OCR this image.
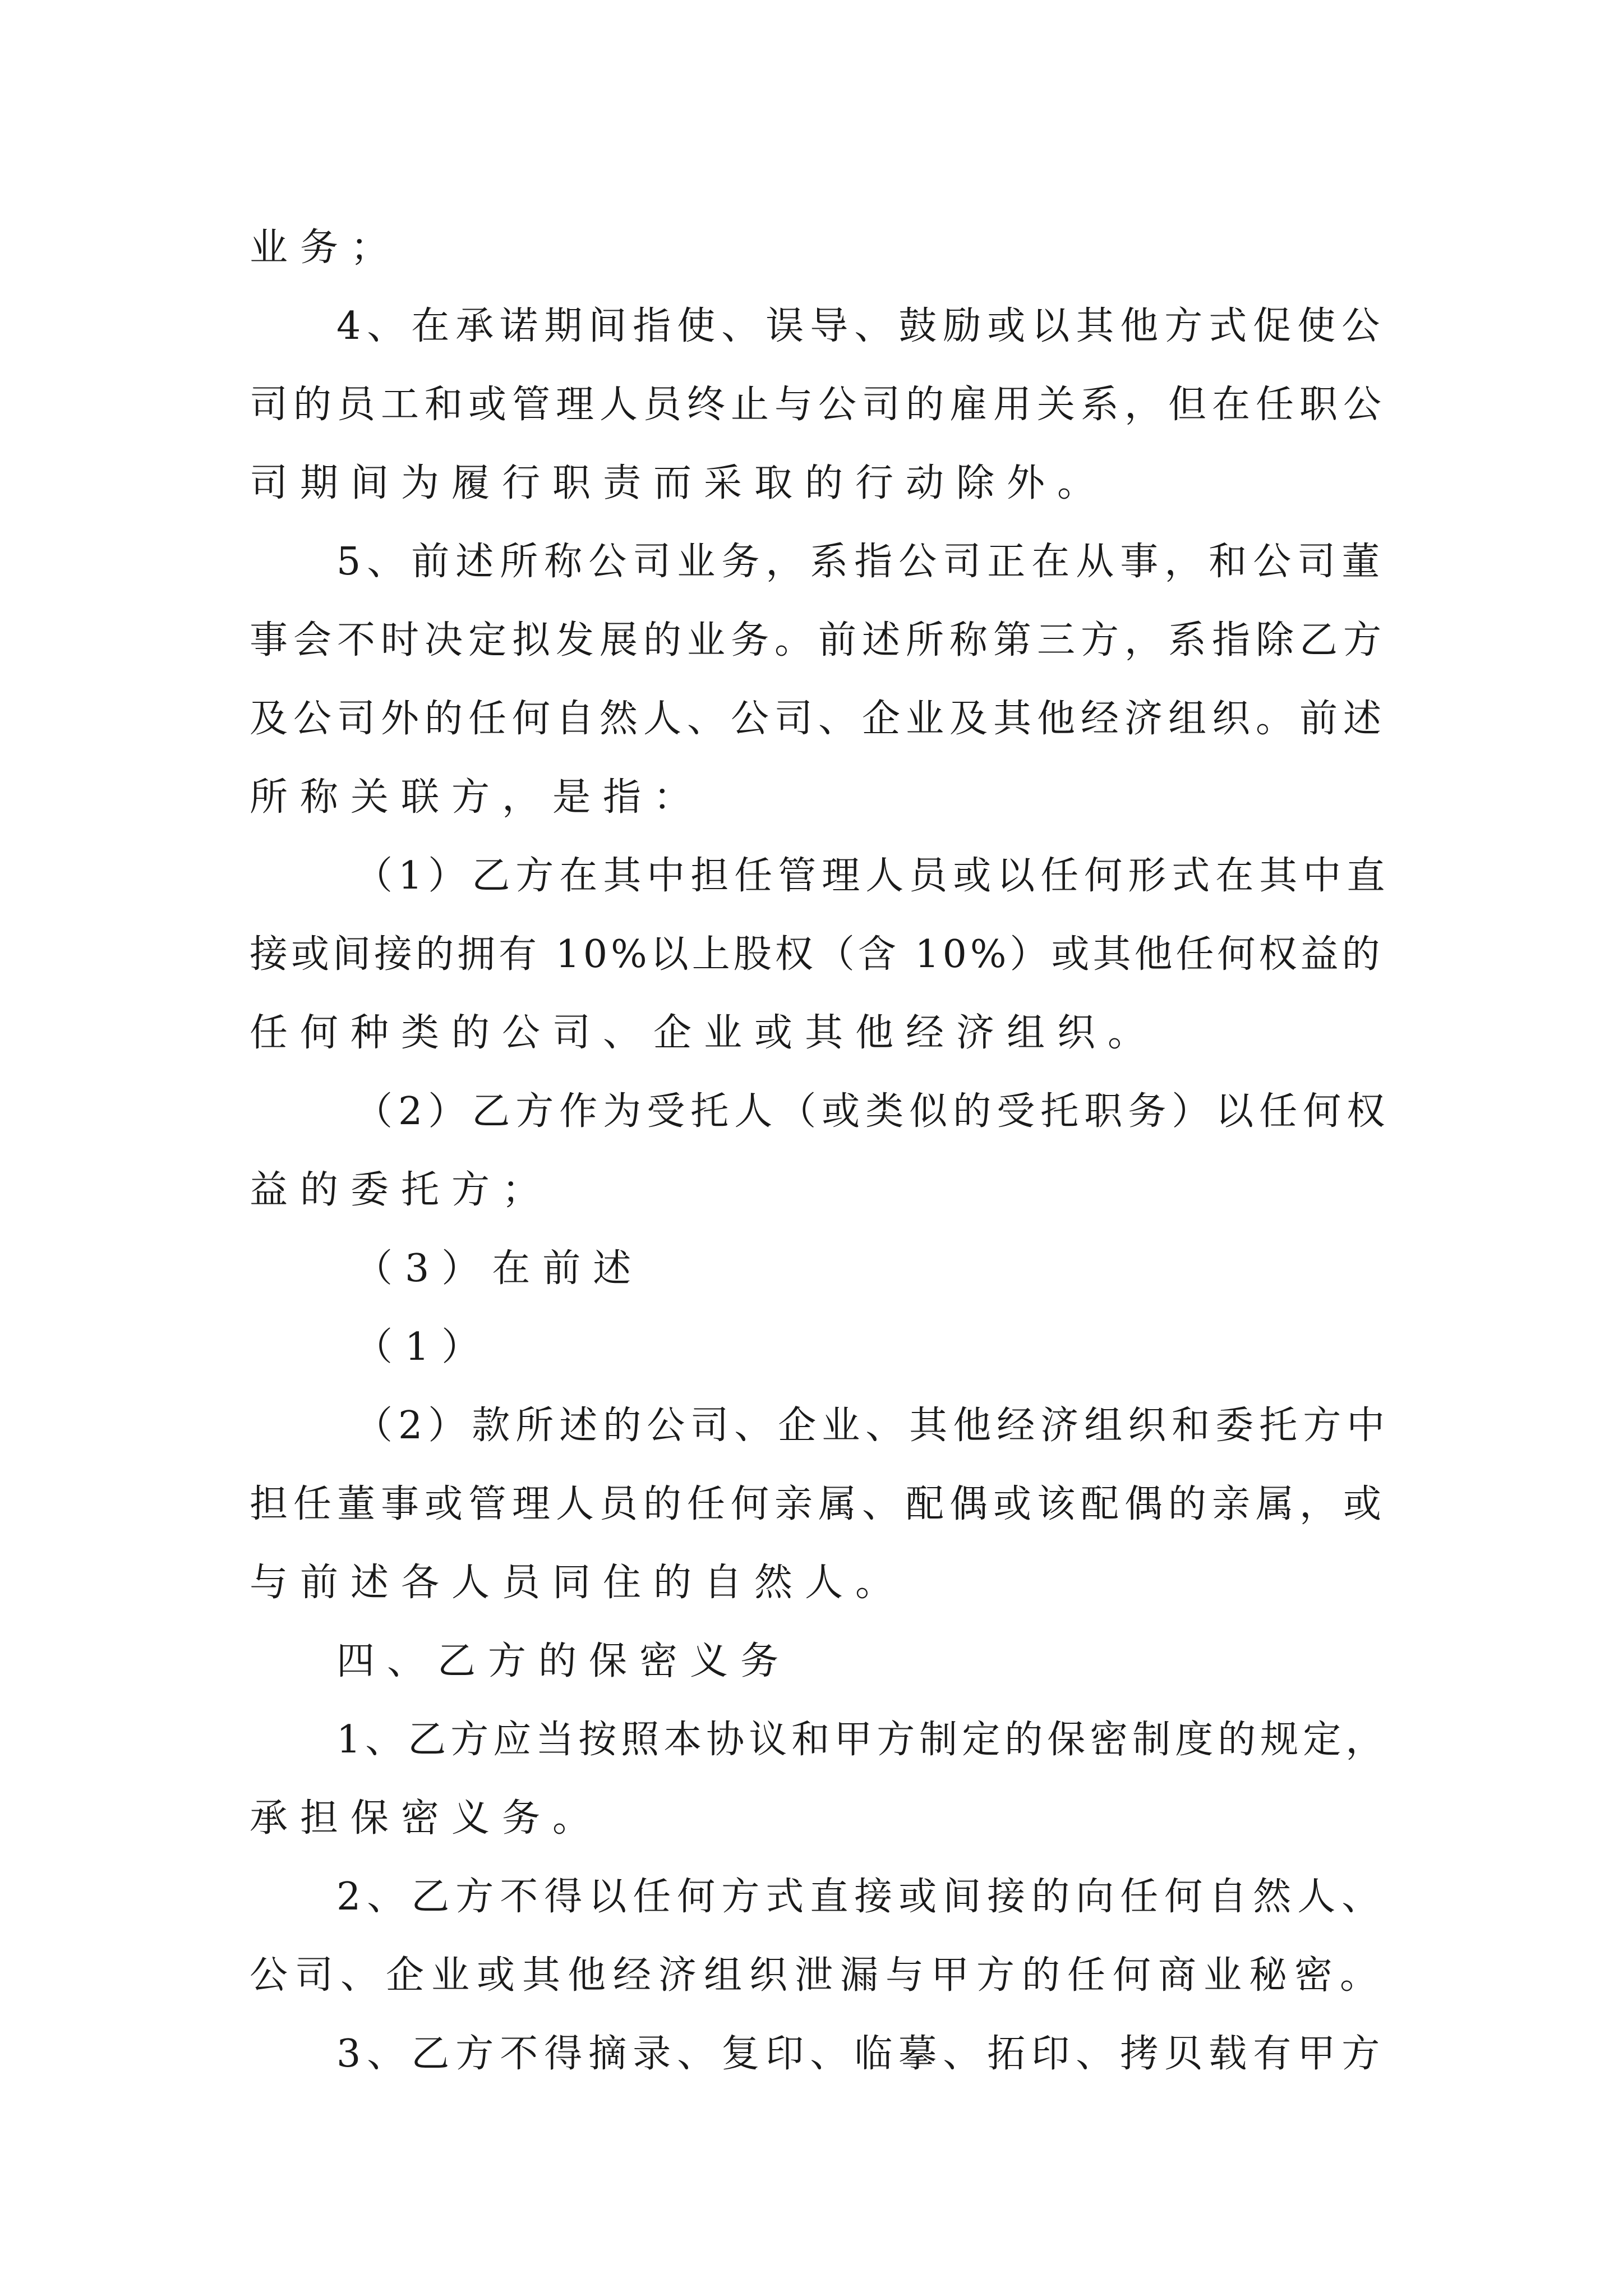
业务；
4、在承诺期间指使、误导、鼓励或以其他方式促使公
司的员工和或管理人员终止与公司的雇用关系，但在任职公
司期间为履行职责而采取的行动除外。
5、前述所称公司业务，系指公司正在从事，和公司董
事会不时决定拟发展的业务。前述所称第三方，系指除乙方
及公司外的任何自然人、公司、企业及其他经济组织。前述
所称关联方，是指：
（1）乙方在其中担任管理人员或以任何形式在其中直
接或间接的拥有 10%以上股权（含 10%）或其他任何权益的
任何种类的公司、企业或其他经济组织。
（2）乙方作为受托人（或类似的受托职务）以任何权
益的委托方；
（3）在前述
（1）
（2）款所述的公司、企业、其他经济组织和委托方中
担任董事或管理人员的任何亲属、配偶或该配偶的亲属，或
与前述各人员同住的自然人。
四、乙方的保密义务
1、乙方应当按照本协议和甲方制定的保密制度的规定，
承担保密义务。
2、乙方不得以任何方式直接或间接的向任何自然人、
公司、企业或其他经济组织泄漏与甲方的任何商业秘密。
3、乙方不得摘录、复印、临摹、拓印、拷贝载有甲方
